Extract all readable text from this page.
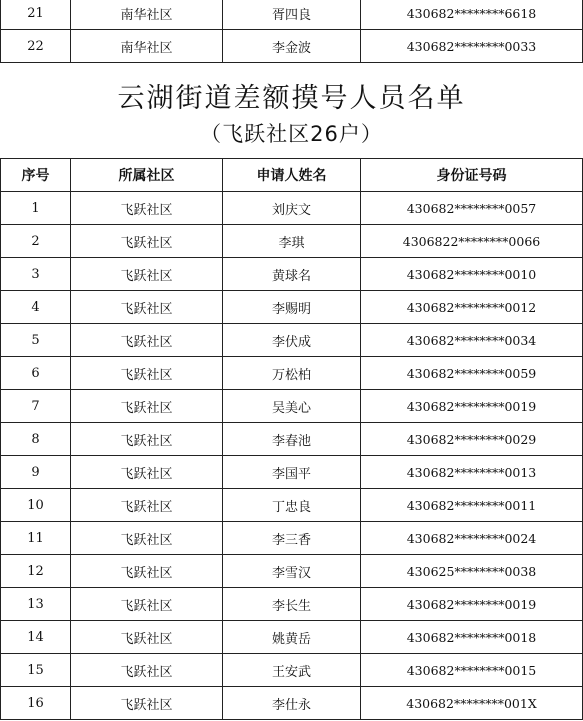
21	南华社区	胥四良	430682********6618
22	南华社区	李金波	430682********0033
云湖街道差额摸号人员名单
（飞跃社区26户）
序号	所属社区	申请人姓名	身份证号码
1	飞跃社区	刘庆文	430682********0057
2	飞跃社区	李琪	4306822********0066
3	飞跃社区	黄球名	430682********0010
4	飞跃社区	李赐明	430682********0012
5	飞跃社区	李伏成	430682********0034
6	飞跃社区	万松柏	430682********0059
7	飞跃社区	吴美心	430682********0019
8	飞跃社区	李春池	430682********0029
9	飞跃社区	李国平	430682********0013
10	飞跃社区	丁忠良	430682********0011
11	飞跃社区	李三香	430682********0024
12	飞跃社区	李雪汉	430625********0038
13	飞跃社区	李长生	430682********0019
14	飞跃社区	姚黄岳	430682********0018
15	飞跃社区	王安武	430682********0015
16	飞跃社区	李仕永	430682********001X
